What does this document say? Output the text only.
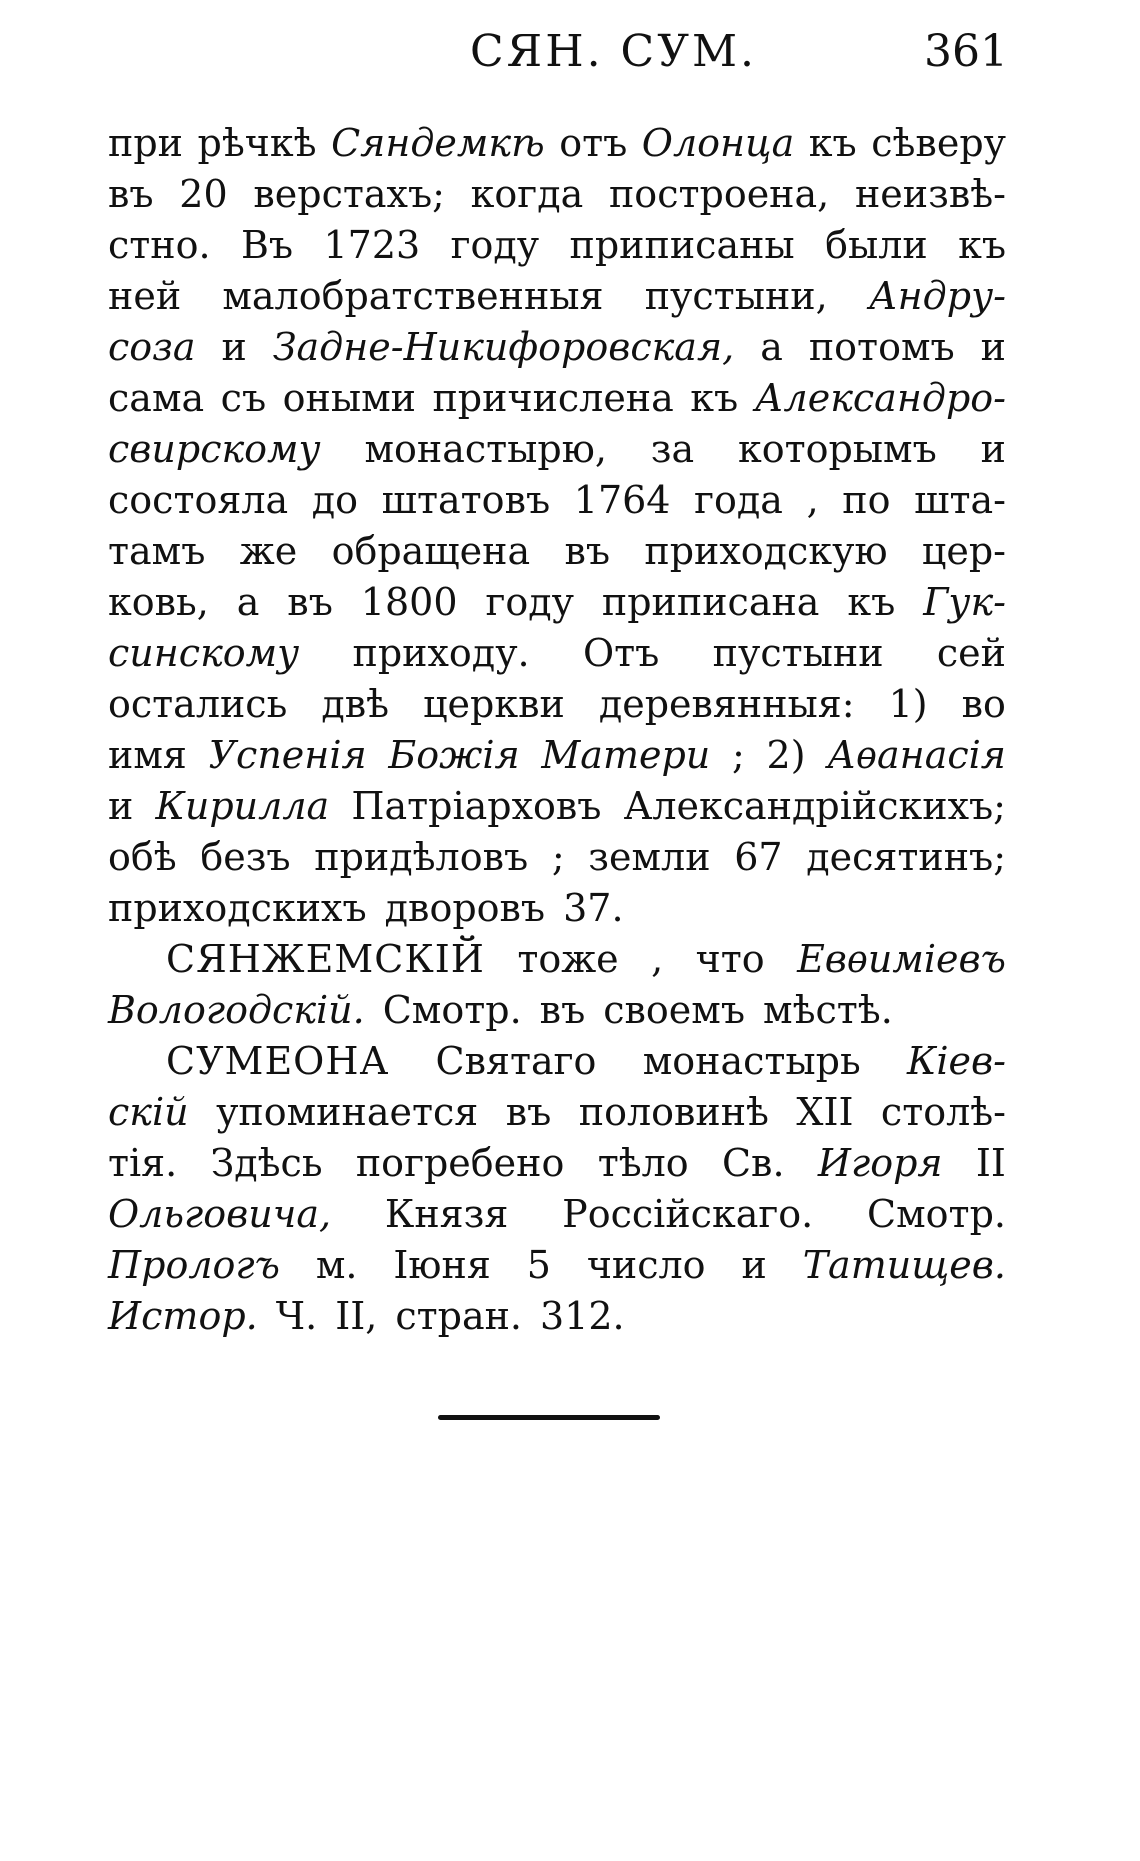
СЯН. СУМ.	361
при рѣчкѣ Сяндемкѣ отъ Олонца къ сѣверу
въ 20 верстахъ; когда построена, неизвѣ-
стно. Въ 1723 году приписаны были къ
ней малобратственныя пустыни, Андру-
соза и Задне-Никифоровская, а потомъ и
сама съ оными причислена къ Александро-
свирскому монастырю, за которымъ и
состояла до штатовъ 1764 года , по шта-
тамъ же обращена въ приходскую цер-
ковь, а въ 1800 году приписана къ Гук-
синскому приходу. Отъ пустыни сей
остались двѣ церкви деревянныя: 1) во
имя Успенія Божія Матери ; 2) Аѳанасія
и Кирилла Патріарховъ Александрійскихъ;
обѣ безъ придѣловъ ; земли 67 десятинъ;
приходскихъ дворовъ 37.
СЯНЖЕМСКІЙ тоже , что Евѳиміевъ
Вологодскій. Смотр. въ своемъ мѣстѣ.
СУМЕОНА Святаго монастырь Кіев-
скій упоминается въ половинѣ XII столѣ-
тія. Здѣсь погребено тѣло Св. Игоря II
Ольговича, Князя Россійскаго. Смотр.
Прологъ м. Іюня 5 число и Татищев.
Истор. Ч. II, стран. 312.
